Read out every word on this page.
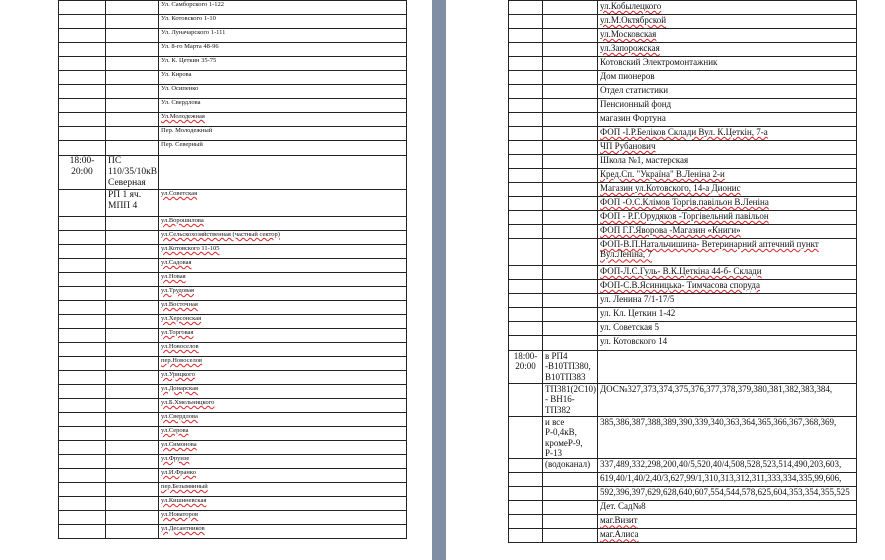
		Ул. Самборского 1-122
		Ул. Котовского 1-10
		Ул. Луначарского 1-111
		Ул. 8-го Марта 48-96
		Ул. К. Цеткин 35-75
		Ул. Кирова
		Ул. Осипенко
		Ул. Свердлова
		Ул.Молодежная
		Пер. Молодежный
		Пер. Северный
18:00-20:00	ПС 110/35/10кВ Северная	
	РП 1 яч. МПП 4	ул.Советская
		ул.Ворошилова
		ул.Сельскохозяйственная (частный сектор)
		ул.Котовского 11-105
		ул.Садовая
		ул.Новая
		ул.Трудовая
		ул.Восточная
		ул.Херсонская
		ул.Торговая
		ул.Новоселов
		пер.Новоселов
		ул.Урицкого
		ул.Донарская
		ул.Б.Хмельницкого
		ул.Свердлова
		ул.Серова
		ул.Симонова
		ул.Фрунзе
		ул.И.Франко
		пер.Безымянный
		ул.Кишиневская
		ул.Новаторов
		ул.Десантников
		ул.Кобылецкого
		ул.М.Октябрской
		ул.Московская
		ул.Запорожская
		Котовский Электромонтажник
		Дом пионеров
		Отдел статистики
		Пенсионный фонд
		магазин Фортуна
		ФОП -І.Р.Беліков Склади Вул. К.Цеткін, 7-а
		ЧП Рубанович
		Школа №1, мастерская
		Кред.Сп. "Україна" В.Леніна 2-и
		Магазин ул.Котовского, 14-а Дионис
		ФОП -О.С.Клімов Торгів.павільон В.Леніна
		ФОП - Р.Г.Орудяков -Торгівельний павільон
		ФОП Г.Г.Яворова -Магазин «Книги»
		ФОП-В.П.Натальчишина- Ветеринарний аптечний пункт Вул.Леніна, 7
		ФОП-Л.С.Гуль- В.К.Цеткіна 44-б- Склади
		ФОП-С.В.Ясиницька- Тимчасова споруда
		ул. Ленина 7/1-17/5
		ул. Кл. Цеткин 1-42
		ул. Советская 5
		ул. Котовского 14
18:00-20:00	в РП4 -В10ТП380, В10ТП383	
	ТП381(2С10) - ВН16-ТП382	ДОС№327,373,374,375,376,377,378,379,380,381,382,383,384,
	и все Р-0,4кВ, кромеР-9, Р-13	385,386,387,388,389,390,339,340,363,364,365,366,367,368,369,
	(водоканал)	337,489,332,298,200,40/5,520,40/4,508,528,523,514,490,203,603,
		619,40/1,40/2,40/3,627,99/1,310,313,312,311,333,334,335,99,606,
		592,396,397,629,628,640,607,554,544,578,625,604,353,354,355,525
		Дет. Сад№8
		маг.Визит
		маг.Алиса
